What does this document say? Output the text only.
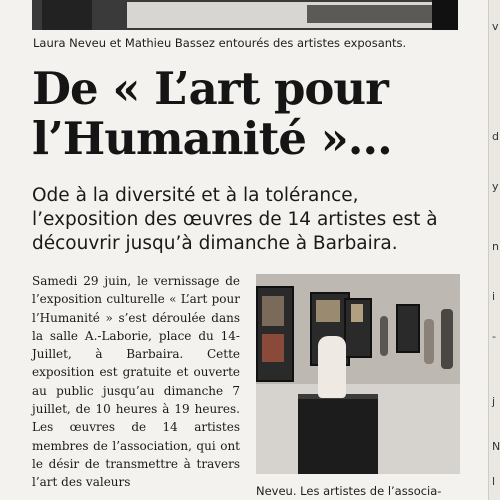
Laura Neveu et Mathieu Bassez entourés des artistes exposants.
De « L’art pour l’Humanité »…
Ode à la diversité et à la tolérance, l’exposition des œuvres de 14 artistes est à découvrir jusqu’à dimanche à Barbaira.

Samedi 29 juin, le vernissage de l’exposition culturelle « L’art pour l’Humanité » s’est déroulée dans la salle A.-Laborie, place du 14-Juillet, à Barbaira. Cette exposition est gratuite et ouverte au public jusqu’au dimanche 7 juillet, de 10 heures à 19 heures. Les œuvres de 14 artistes membres de l’association, qui ont le désir de transmettre à travers l’art des valeurs

Neveu. Les artistes de l’associa-
v
d
y
n
i
-
j
N
l
